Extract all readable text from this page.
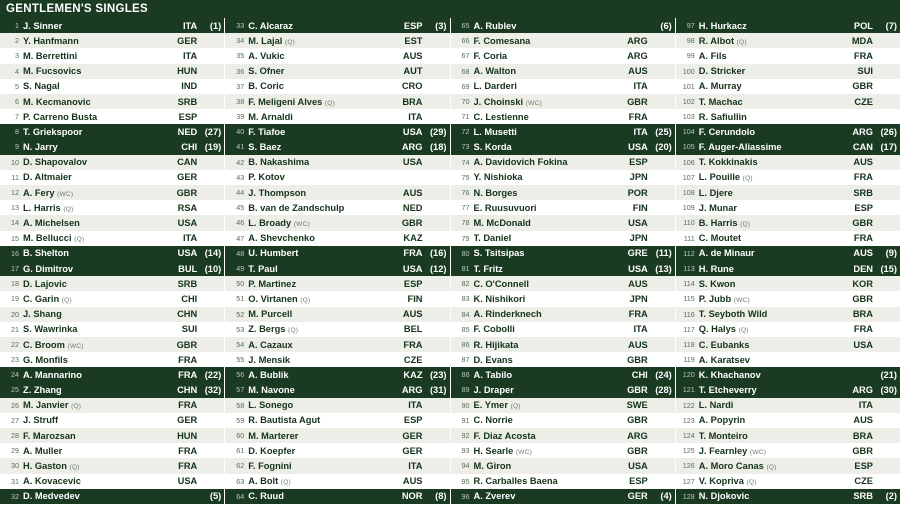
GENTLEMEN'S SINGLES
1 J. Sinner	ITA	(1)
2 Y. Hanfmann	GER
3 M. Berrettini	ITA
4 M. Fucsovics	HUN
5 S. Nagal	IND
6 M. Kecmanovic	SRB
7 P. Carreno Busta	ESP
8 T. Griekspoor	NED (27)
9 N. Jarry	CHI (19)
10 D. Shapovalov	CAN
11 D. Altmaier	GER
12 A. Fery (WC)	GBR
13 L. Harris (Q)	RSA
14 A. Michelsen	USA
15 M. Bellucci (Q)	ITA
16 B. Shelton	USA (14)
17 G. Dimitrov	BUL (10)
18 D. Lajovic	SRB
19 C. Garin (Q)	CHI
20 J. Shang	CHN
21 S. Wawrinka	SUI
22 C. Broom (WC)	GBR
23 G. Monfils	FRA
24 A. Mannarino	FRA (22)
25 Z. Zhang	CHN (32)
26 M. Janvier (Q)	FRA
27 J. Struff	GER
28 F. Marozsan	HUN
29 A. Muller	FRA
30 H. Gaston (Q)	FRA
31 A. Kovacevic	USA
32 D. Medvedev	(5)
33 C. Alcaraz	ESP	(3)
34 M. Lajal (Q)	EST
35 A. Vukic	AUS
36 S. Ofner	AUT
37 B. Coric	CRO
38 F. Meligeni Alves (Q)	BRA
39 M. Arnaldi	ITA
40 F. Tiafoe	USA (29)
41 S. Baez	ARG (18)
42 B. Nakashima	USA
43 P. Kotov
44 J. Thompson	AUS
45 B. van de Zandschulp	NED
46 L. Broady (WC)	GBR
47 A. Shevchenko	KAZ
48 U. Humbert	FRA (16)
49 T. Paul	USA (12)
50 P. Martinez	ESP
51 O. Virtanen (Q)	FIN
52 M. Purcell	AUS
53 Z. Bergs (Q)	BEL
54 A. Cazaux	FRA
55 J. Mensik	CZE
56 A. Bublik	KAZ (23)
57 M. Navone	ARG (31)
58 L. Sonego	ITA
59 R. Bautista Agut	ESP
60 M. Marterer	GER
61 D. Koepfer	GER
62 F. Fognini	ITA
63 A. Bolt (Q)	AUS
64 C. Ruud	NOR	(8)
65 A. Rublev	(6)
66 F. Comesana	ARG
67 F. Coria	ARG
68 A. Walton	AUS
69 L. Darderi	ITA
70 J. Choinski (WC)	GBR
71 C. Lestienne	FRA
72 L. Musetti	ITA (25)
73 S. Korda	USA (20)
74 A. Davidovich Fokina	ESP
75 Y. Nishioka	JPN
76 N. Borges	POR
77 E. Ruusuvuori	FIN
78 M. McDonald	USA
79 T. Daniel	JPN
80 S. Tsitsipas	GRE (11)
81 T. Fritz	USA (13)
82 C. O'Connell	AUS
83 K. Nishikori	JPN
84 A. Rinderknech	FRA
85 F. Cobolli	ITA
86 R. Hijikata	AUS
87 D. Evans	GBR
88 A. Tabilo	CHI (24)
89 J. Draper	GBR (28)
90 E. Ymer (Q)	SWE
91 C. Norrie	GBR
92 F. Diaz Acosta	ARG
93 H. Searle (WC)	GBR
94 M. Giron	USA
95 R. Carballes Baena	ESP
96 A. Zverev	GER	(4)
97 H. Hurkacz	POL	(7)
98 R. Albot (Q)	MDA
99 A. Fils	FRA
100 D. Stricker	SUI
101 A. Murray	GBR
102 T. Machac	CZE
103 R. Safiullin
104 F. Cerundolo	ARG (26)
105 F. Auger-Aliassime	CAN (17)
106 T. Kokkinakis	AUS
107 L. Pouille (Q)	FRA
108 L. Djere	SRB
109 J. Munar	ESP
110 B. Harris (Q)	GBR
111 C. Moutet	FRA
112 A. de Minaur	AUS	(9)
113 H. Rune	DEN (15)
114 S. Kwon	KOR
115 P. Jubb (WC)	GBR
116 T. Seyboth Wild	BRA
117 Q. Halys (Q)	FRA
118 C. Eubanks	USA
119 A. Karatsev
120 K. Khachanov	(21)
121 T. Etcheverry	ARG (30)
122 L. Nardi	ITA
123 A. Popyrin	AUS
124 T. Monteiro	BRA
125 J. Fearnley (WC)	GBR
126 A. Moro Canas (Q)	ESP
127 V. Kopriva (Q)	CZE
128 N. Djokovic	SRB	(2)
